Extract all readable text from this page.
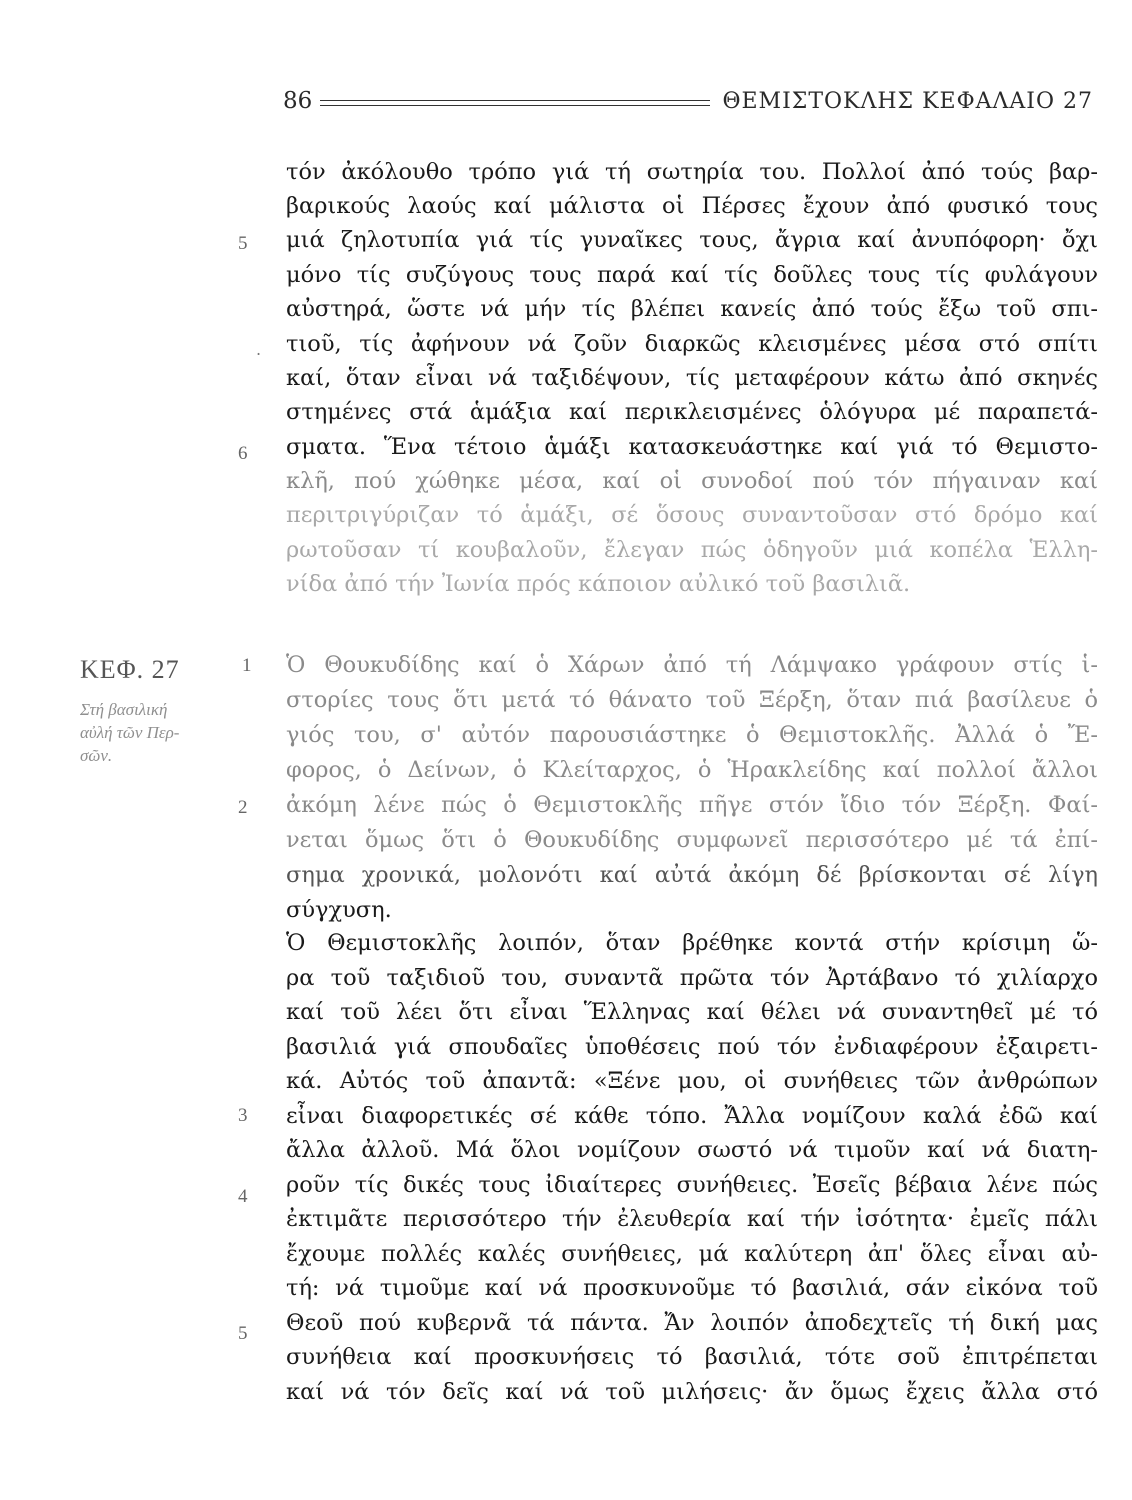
86	ΘΕΜΙΣΤΟΚΛΗΣ ΚΕΦΑΛΑΙΟ 27
ΚΕΦ. 27
Στή βασιλική
αὐλή τῶν Περ-
σῶν.
5
.
6
1
2
3
4
5
τόν ἀκόλουθο τρόπο γιά τή σωτηρία του. Πολλοί ἀπό τούς βαρ-
βαρικούς λαούς καί μάλιστα οἱ Πέρσες ἔχουν ἀπό φυσικό τους
μιά ζηλοτυπία γιά τίς γυναῖκες τους, ἄγρια καί ἀνυπόφορη· ὄχι
μόνο τίς συζύγους τους παρά καί τίς δοῦλες τους τίς φυλάγουν
αὐστηρά, ὥστε νά μήν τίς βλέπει κανείς ἀπό τούς ἔξω τοῦ σπι-
τιοῦ, τίς ἀφήνουν νά ζοῦν διαρκῶς κλεισμένες μέσα στό σπίτι
καί, ὅταν εἶναι νά ταξιδέψουν, τίς μεταφέρουν κάτω ἀπό σκηνές
στημένες στά ἁμάξια καί περικλεισμένες ὁλόγυρα μέ παραπετά-
σματα. Ἕνα τέτοιο ἁμάξι κατασκευάστηκε καί γιά τό Θεμιστο-
κλῆ, πού χώθηκε μέσα, καί οἱ συνοδοί πού τόν πήγαιναν καί
περιτριγύριζαν τό ἁμάξι, σέ ὅσους συναντοῦσαν στό δρόμο καί
ρωτοῦσαν τί κουβαλοῦν, ἔλεγαν πώς ὁδηγοῦν μιά κοπέλα Ἑλλη-
νίδα ἀπό τήν Ἰωνία πρός κάποιον αὐλικό τοῦ βασιλιᾶ.
Ὁ Θουκυδίδης καί ὁ Χάρων ἀπό τή Λάμψακο γράφουν στίς ἱ-
στορίες τους ὅτι μετά τό θάνατο τοῦ Ξέρξη, ὅταν πιά βασίλευε ὁ
γιός του, σ' αὐτόν παρουσιάστηκε ὁ Θεμιστοκλῆς. Ἀλλά ὁ Ἔ-
φορος, ὁ Δείνων, ὁ Κλείταρχος, ὁ Ἡρακλείδης καί πολλοί ἄλλοι
ἀκόμη λένε πώς ὁ Θεμιστοκλῆς πῆγε στόν ἴδιο τόν Ξέρξη. Φαί-
νεται ὅμως ὅτι ὁ Θουκυδίδης συμφωνεῖ περισσότερο μέ τά ἐπί-
σημα χρονικά, μολονότι καί αὐτά ἀκόμη δέ βρίσκονται σέ λίγη
σύγχυση.
Ὁ Θεμιστοκλῆς λοιπόν, ὅταν βρέθηκε κοντά στήν κρίσιμη ὥ-
ρα τοῦ ταξιδιοῦ του, συναντᾶ πρῶτα τόν Ἀρτάβανο τό χιλίαρχο
καί τοῦ λέει ὅτι εἶναι Ἕλληνας καί θέλει νά συναντηθεῖ μέ τό
βασιλιά γιά σπουδαῖες ὑποθέσεις πού τόν ἐνδιαφέρουν ἐξαιρετι-
κά. Αὐτός τοῦ ἀπαντᾶ: «Ξένε μου, οἱ συνήθειες τῶν ἀνθρώπων
εἶναι διαφορετικές σέ κάθε τόπο. Ἄλλα νομίζουν καλά ἐδῶ καί
ἄλλα ἀλλοῦ. Μά ὅλοι νομίζουν σωστό νά τιμοῦν καί νά διατη-
ροῦν τίς δικές τους ἰδιαίτερες συνήθειες. Ἐσεῖς βέβαια λένε πώς
ἐκτιμᾶτε περισσότερο τήν ἐλευθερία καί τήν ἰσότητα· ἐμεῖς πάλι
ἔχουμε πολλές καλές συνήθειες, μά καλύτερη ἀπ' ὅλες εἶναι αὐ-
τή: νά τιμοῦμε καί νά προσκυνοῦμε τό βασιλιά, σάν εἰκόνα τοῦ
Θεοῦ πού κυβερνᾶ τά πάντα. Ἄν λοιπόν ἀποδεχτεῖς τή δική μας
συνήθεια καί προσκυνήσεις τό βασιλιά, τότε σοῦ ἐπιτρέπεται
καί νά τόν δεῖς καί νά τοῦ μιλήσεις· ἄν ὅμως ἔχεις ἄλλα στό
